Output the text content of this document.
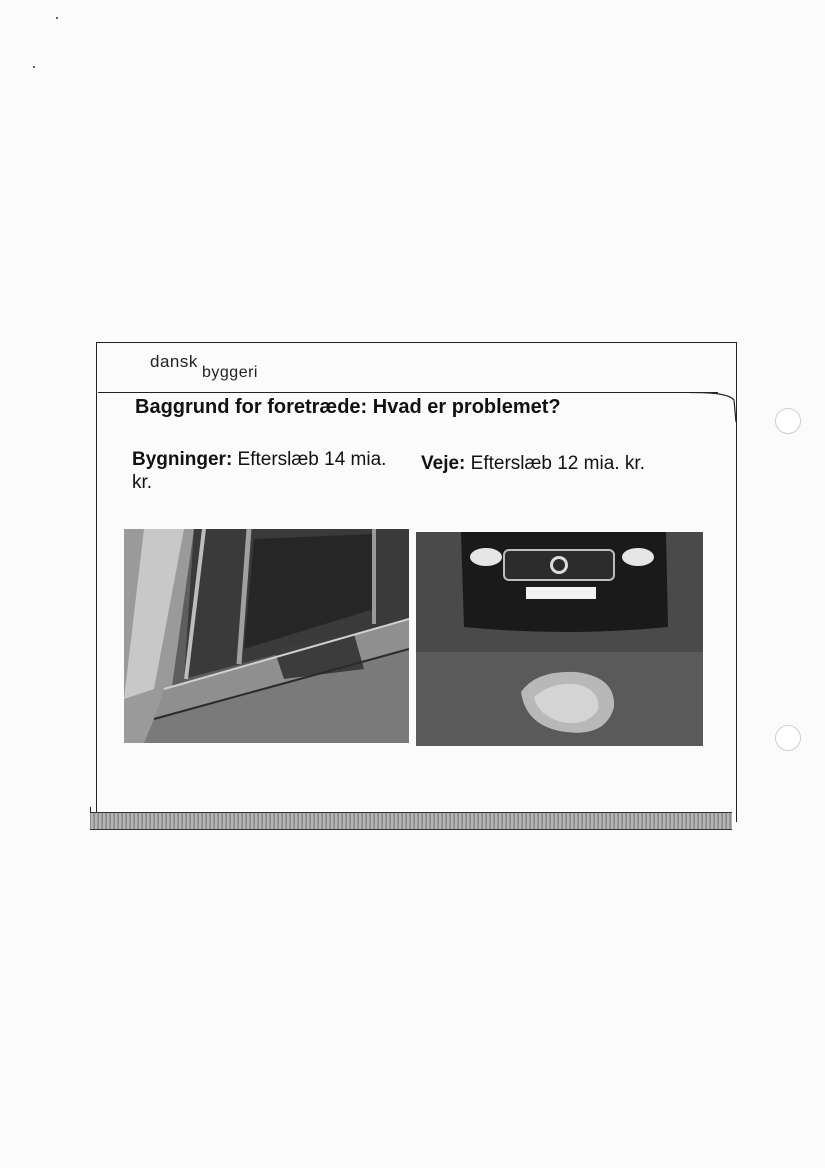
dansk
byggeri
Baggrund for foretræde: Hvad er problemet?
Bygninger: Efterslæb 14 mia. kr.
Veje: Efterslæb 12 mia. kr.
